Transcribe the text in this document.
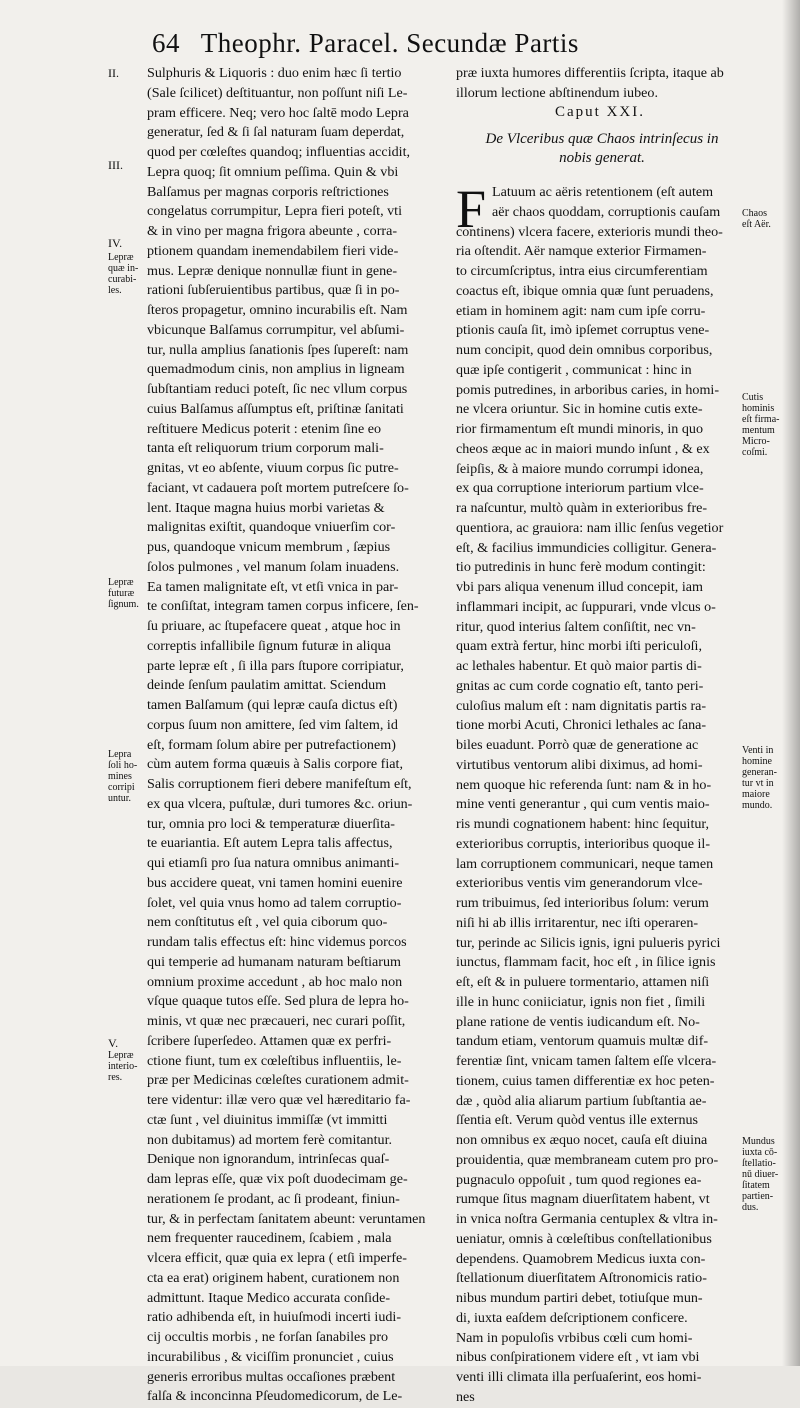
64 Theophr. Paracel. Secundæ Partis
Sulphuris & Liquoris : duo enim hæc ſi tertio
(Sale ſcilicet) deſtituantur, non poſſunt niſi Le-
pram efficere. Neq; vero hoc ſaltē modo Lepra
generatur, ſed & ſi ſal naturam ſuam deperdat,
quod per cœleſtes quandoq; influentias accidit,
Lepra quoq; ſit omnium peſſima. Quin & vbi
Balſamus per magnas corporis reſtrictiones
congelatus corrumpitur, Lepra fieri poteſt, vti
& in vino per magna frigora abeunte , corra-
ptionem quandam inemendabilem fieri vide-
mus. Lepræ denique nonnullæ fiunt in gene-
rationi ſubſeruientibus partibus, quæ ſi in po-
ſteros propagetur, omnino incurabilis eſt. Nam
vbicunque Balſamus corrumpitur, vel abſumi-
tur, nulla amplius ſanationis ſpes ſupereſt: nam
quemadmodum cinis, non amplius in ligneam
ſubſtantiam reduci poteſt, ſic nec vllum corpus
cuius Balſamus aſſumptus eſt, priſtinæ ſanitati
reſtituere Medicus poterit : etenim ſine eo
tanta eſt reliquorum trium corporum mali-
gnitas, vt eo abſente, viuum corpus ſic putre-
faciant, vt cadauera poſt mortem putreſcere ſo-
lent. Itaque magna huius morbi varietas &
malignitas exiſtit, quandoque vniuerſim cor-
pus, quandoque vnicum membrum , ſæpius
ſolos pulmones , vel manum ſolam inuadens.
Ea tamen malignitate eſt, vt etſi vnica in par-
te conſiſtat, integram tamen corpus inficere, ſen-
ſu priuare, ac ſtupefacere queat , atque hoc in
correptis infallibile ſignum futuræ in aliqua
parte lepræ eſt , ſi illa pars ſtupore corripiatur,
deinde ſenſum paulatim amittat. Sciendum
tamen Balſamum (qui lepræ cauſa dictus eſt)
corpus ſuum non amittere, ſed vim ſaltem, id
eſt, formam ſolum abire per putrefactionem)
cùm autem forma quæuis à Salis corpore fiat,
Salis corruptionem fieri debere manifeſtum eſt,
ex qua vlcera, puſtulæ, duri tumores &c. oriun-
tur, omnia pro loci & temperaturæ diuerſita-
te euariantia. Eſt autem Lepra talis affectus,
qui etiamſi pro ſua natura omnibus animanti-
bus accidere queat, vni tamen homini euenire
ſolet, vel quia vnus homo ad talem corruptio-
nem conſtitutus eſt , vel quia ciborum quo-
rundam talis effectus eſt: hinc videmus porcos
qui temperie ad humanam naturam beſtiarum
omnium proxime accedunt , ab hoc malo non
vſque quaque tutos eſſe. Sed plura de lepra ho-
minis, vt quæ nec præcaueri, nec curari poſſit,
ſcribere ſuperſedeo. Attamen quæ ex perfri-
ctione fiunt, tum ex cœleſtibus influentiis, le-
præ per Medicinas cœleſtes curationem admit-
tere videntur: illæ vero quæ vel hæreditario fa-
ctæ ſunt , vel diuinitus immiſſæ (vt immitti
non dubitamus) ad mortem ferè comitantur.
Denique non ignorandum, intrinſecas quaſ-
dam lepras eſſe, quæ vix poſt duodecimam ge-
nerationem ſe prodant, ac ſi prodeant, finiun-
tur, & in perfectam ſanitatem abeunt: veruntamen
nem frequenter raucedinem, ſcabiem , mala
vlcera efficit, quæ quia ex lepra ( etſi imperfe-
cta ea erat) originem habent, curationem non
admittunt. Itaque Medico accurata conſide-
ratio adhibenda eſt, in huiuſmodi incerti iudi-
cij occultis morbis , ne forſan ſanabiles pro
incurabilibus , & viciſſim pronunciet , cuius
generis erroribus multas occaſiones præbent
falſa & inconcinna Pſeudomedicorum, de Le-
præ iuxta humores differentiis ſcripta, itaque ab
illorum lectione abſtinendum iubeo.
Caput XXI.
De Vlceribus quæ Chaos intrinſecus in
nobis generat.
F Latuum ac aëris retentionem (eſt autem
aër chaos quoddam, corruptionis cauſam
continens) vlcera facere, exterioris mundi theo-
ria oſtendit. Aër namque exterior Firmamen-
to circumſcriptus, intra eius circumferentiam
coactus eſt, ibique omnia quæ ſunt peruadens,
etiam in hominem agit: nam cum ipſe corru-
ptionis cauſa ſit, imò ipſemet corruptus vene-
num concipit, quod dein omnibus corporibus,
quæ ipſe contigerit , communicat : hinc in
pomis putredines, in arboribus caries, in homi-
ne vlcera oriuntur. Sic in homine cutis exte-
rior firmamentum eſt mundi minoris, in quo
cheos æque ac in maiori mundo inſunt , & ex
ſeipſis, & à maiore mundo corrumpi idonea,
ex qua corruptione interiorum partium vlce-
ra naſcuntur, multò quàm in exterioribus fre-
quentiora, ac grauiora: nam illic ſenſus vegetior
eſt, & facilius immundicies colligitur. Genera-
tio putredinis in hunc ferè modum contingit:
vbi pars aliqua venenum illud concepit, iam
inflammari incipit, ac ſuppurari, vnde vlcus o-
ritur, quod interius ſaltem conſiſtit, nec vn-
quam extrà fertur, hinc morbi iſti periculoſi,
ac lethales habentur. Et quò maior partis di-
gnitas ac cum corde cognatio eſt, tanto peri-
culoſius malum eſt : nam dignitatis partis ra-
tione morbi Acuti, Chronici lethales ac ſana-
biles euadunt. Porrò quæ de generatione ac
virtutibus ventorum alibi diximus, ad homi-
nem quoque hic referenda ſunt: nam & in ho-
mine venti generantur , qui cum ventis maio-
ris mundi cognationem habent: hinc ſequitur,
exterioribus corruptis, interioribus quoque il-
lam corruptionem communicari, neque tamen
exterioribus ventis vim generandorum vlce-
rum tribuimus, ſed interioribus ſolum: verum
niſi hi ab illis irritarentur, nec iſti operaren-
tur, perinde ac Silicis ignis, igni pulueris pyrici
iunctus, flammam facit, hoc eſt , in ſilice ignis
eſt, eſt & in puluere tormentario, attamen niſi
ille in hunc coniiciatur, ignis non fiet , ſimili
plane ratione de ventis iudicandum eſt. No-
tandum etiam, ventorum quamuis multæ dif-
ferentiæ ſint, vnicam tamen ſaltem eſſe vlcera-
tionem, cuius tamen differentiæ ex hoc peten-
dæ , quòd alia aliarum partium ſubſtantia ae-
ſſentia eſt. Verum quòd ventus ille externus
non omnibus ex æquo nocet, cauſa eſt diuina
prouidentia, quæ membraneam cutem pro pro-
pugnaculo oppoſuit , tum quod regiones ea-
rumque ſitus magnam diuerſitatem habent, vt
in vnica noſtra Germania centuplex & vltra in-
ueniatur, omnis à cœleſtibus conſtellationibus
dependens. Quamobrem Medicus iuxta con-
ſtellationum diuerſitatem Aſtronomicis ratio-
nibus mundum partiri debet, totiuſque mun-
di, iuxta eaſdem deſcriptionem conficere.
Nam in populoſis vrbibus cœli cum homi-
nibus conſpirationem videre eſt , vt iam vbi
venti illi climata illa perſuaſerint, eos homi-
nes
II.
III.
IV.
Lepræ
quæ in-
curabi-
les.
Lepræ
futuræ
ſignum.
Lepra
ſoli ho-
mines
corripi
untur.
V.
Lepræ
interio-
res.
Chaos
eſt Aër.
Cutis
hominis
eſt firma-
mentum
Micro-
coſmi.
Venti in
homine
generan-
tur vt in
maiore
mundo.
Mundus
iuxta cō-
ſtellatio-
nū diuer-
ſitatem
partien-
dus.
